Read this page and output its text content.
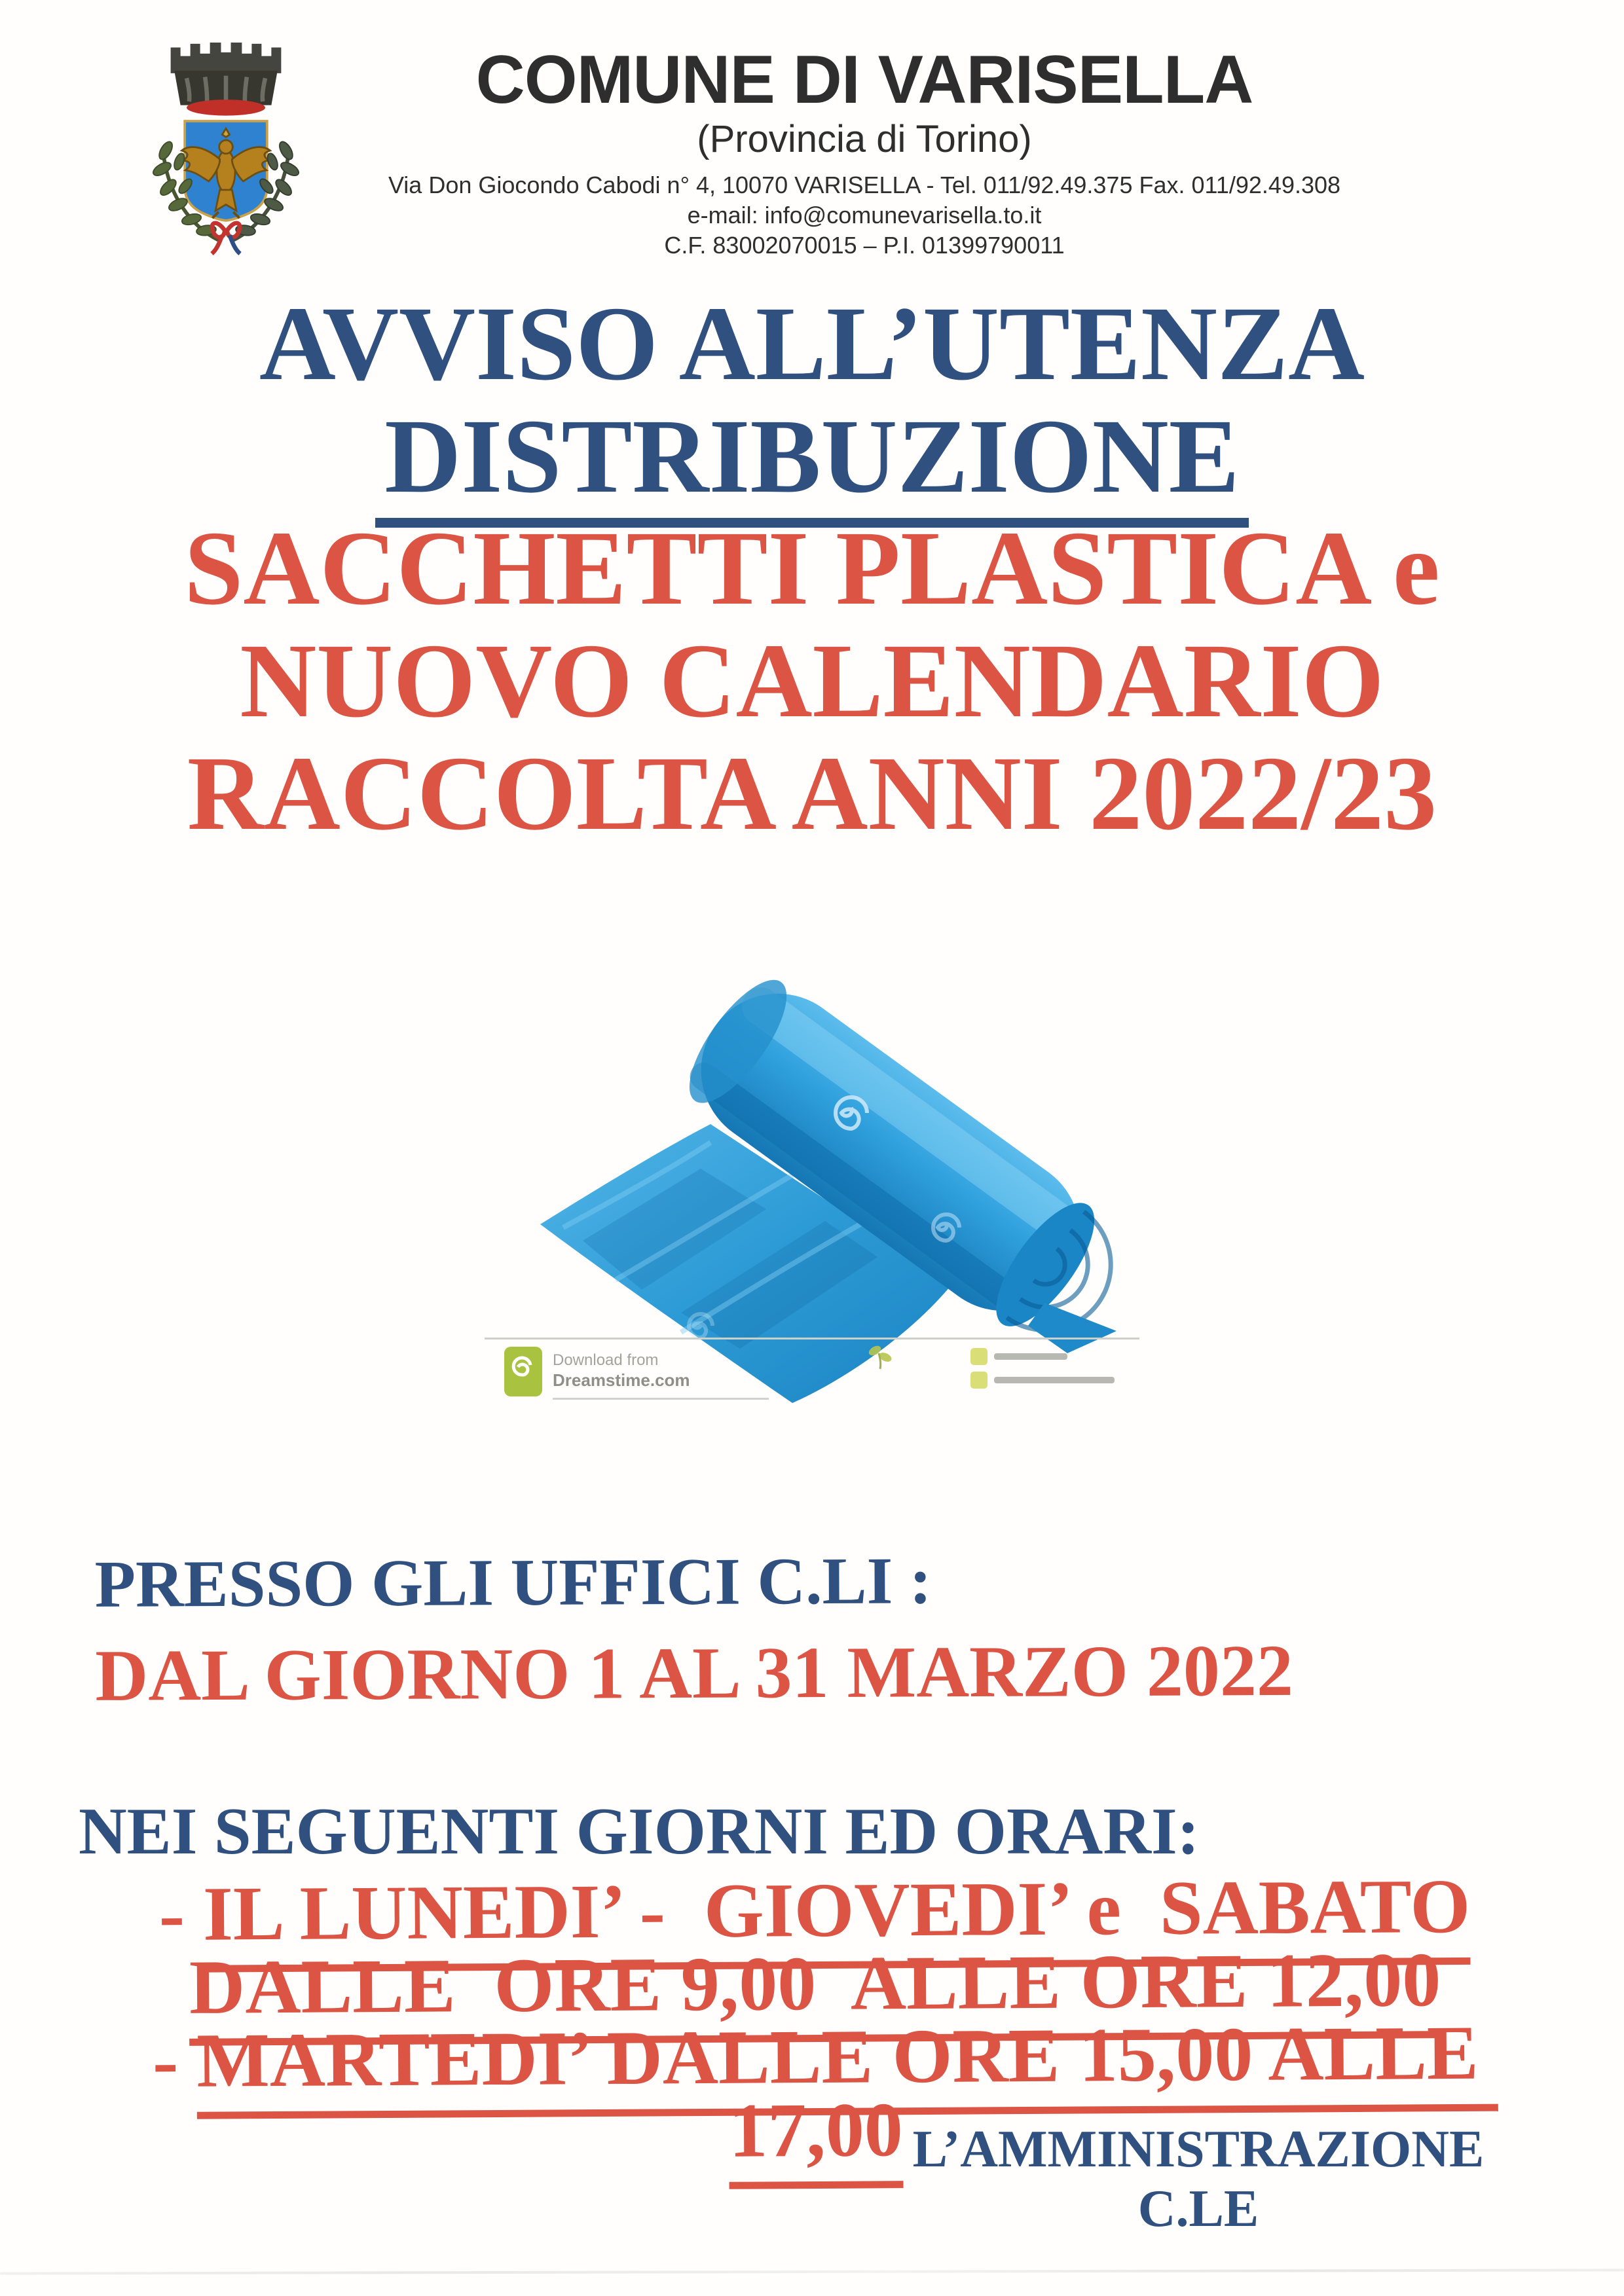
COMUNE DI VARISELLA
(Provincia di Torino)
Via Don Giocondo Cabodi n° 4, 10070 VARISELLA - Tel. 011/92.49.375 Fax. 011/92.49.308
e-mail: info@comunevarisella.to.it
C.F. 83002070015 – P.I. 01399790011
AVVISO ALL’UTENZA
DISTRIBUZIONE
SACCHETTI PLASTICA e
NUOVO CALENDARIO
RACCOLTA ANNI 2022/23
Download from
Dreamstime.com
PRESSO GLI UFFICI C.LI :
DAL GIORNO 1 AL 31 MARZO 2022
NEI SEGUENTI GIORNI ED ORARI:
- IL LUNEDI’ -  GIOVEDI’ e  SABATO
DALLE  ORE 9,00  ALLE ORE 12,00
- MARTEDI’ DALLE ORE 15,00 ALLE 17,00 L’AMMINISTRAZIONE C.LE
